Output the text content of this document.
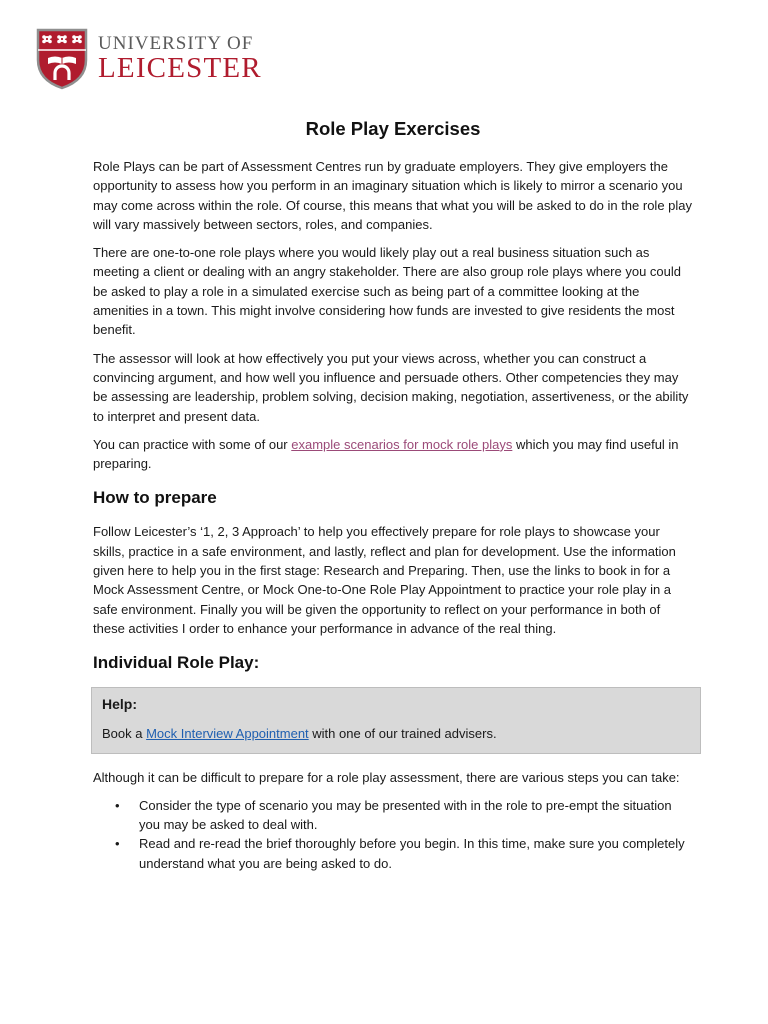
UNIVERSITY OF
LEICESTER
Role Play Exercises

Role Plays can be part of Assessment Centres run by graduate employers. They give employers the opportunity to assess how you perform in an imaginary situation which is likely to mirror a scenario you may come across within the role. Of course, this means that what you will be asked to do in the role play will vary massively between sectors, roles, and companies.

There are one-to-one role plays where you would likely play out a real business situation such as meeting a client or dealing with an angry stakeholder. There are also group role plays where you could be asked to play a role in a simulated exercise such as being part of a committee looking at the amenities in a town. This might involve considering how funds are invested to give residents the most benefit.

The assessor will look at how effectively you put your views across, whether you can construct a convincing argument, and how well you influence and persuade others. Other competencies they may be assessing are leadership, problem solving, decision making, negotiation, assertiveness, or the ability to interpret and present data.

You can practice with some of our example scenarios for mock role plays which you may find useful in preparing.

How to prepare

Follow Leicester’s ‘1, 2, 3 Approach’ to help you effectively prepare for role plays to showcase your skills, practice in a safe environment, and lastly, reflect and plan for development. Use the information given here to help you in the first stage: Research and Preparing. Then, use the links to book in for a Mock Assessment Centre, or Mock One-to-One Role Play Appointment to practice your role play in a safe environment. Finally you will be given the opportunity to reflect on your performance in both of these activities I order to enhance your performance in advance of the real thing.

Individual Role Play:
Help:

Book a Mock Interview Appointment with one of our trained advisers.

Although it can be difficult to prepare for a role play assessment, there are various steps you can take:

• Consider the type of scenario you may be presented with in the role to pre-empt the situation you may be asked to deal with.
• Read and re-read the brief thoroughly before you begin. In this time, make sure you completely understand what you are being asked to do.
